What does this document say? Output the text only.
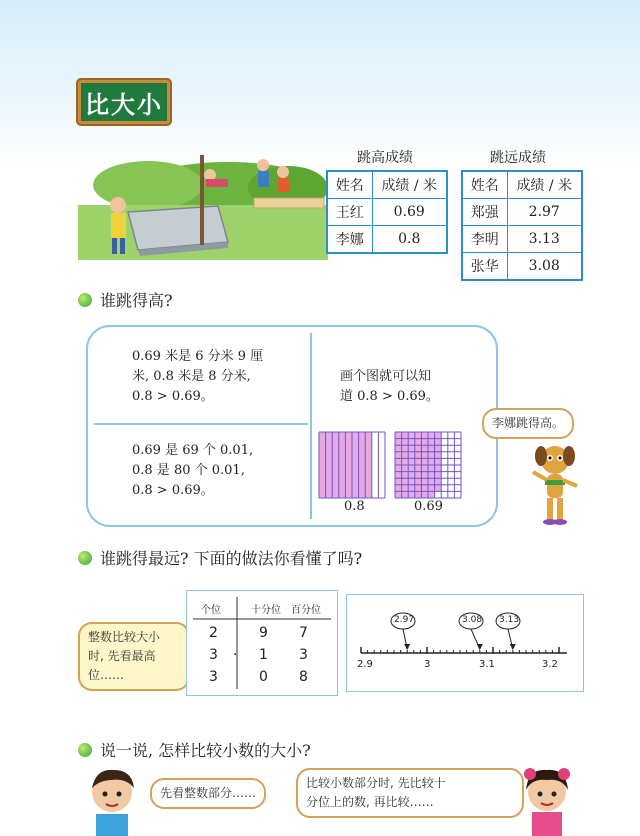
比大小
跳高成绩
姓名	成绩 / 米
王红	0.69
李娜	0.8
跳远成绩
姓名	成绩 / 米
郑强	2.97
李明	3.13
张华	3.08
谁跳得高?
0.69 米是 6 分米 9 厘
米, 0.8 米是 8 分米,
0.8 > 0.69。
0.69 是 69 个 0.01,
0.8 是 80 个 0.01,
0.8 > 0.69。
画个图就可以知
道 0.8 > 0.69。
0.8	0.69
李娜跳得高。
谁跳得最远? 下面的做法你看懂了吗?
整数比较大小
时, 先看最高
位……
个位	十分位 百分位
2	9 7
3 · 1 3
3	0 8
2.97	3.08 3.13
2.9	3	3.1	3.2
说一说, 怎样比较小数的大小?
先看整数部分……
比较小数部分时, 先比较十
分位上的数, 再比较……
